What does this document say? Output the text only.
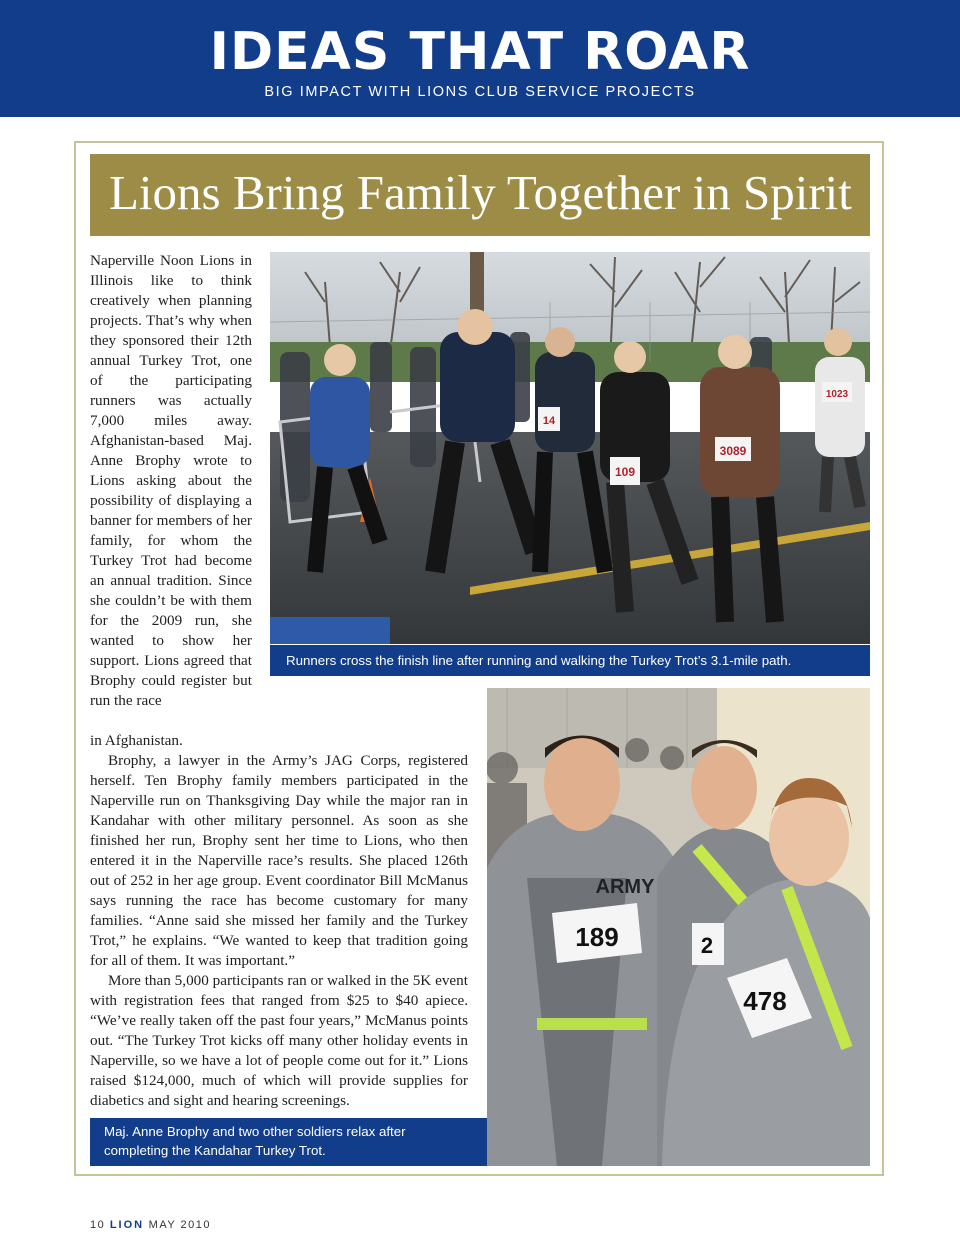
IDEAS THAT ROAR
BIG IMPACT WITH LIONS CLUB SERVICE PROJECTS
Lions Bring Family Together in Spirit

Naperville Noon Lions in Illinois like to think creatively when planning projects. That’s why when they sponsored their 12th annual Turkey Trot, one of the participating runners was actually 7,000 miles away. Afghanistan-based Maj. Anne Brophy wrote to Lions asking about the possibility of displaying a banner for members of her family, for whom the Turkey Trot had become an annual tradition. Since she couldn’t be with them for the 2009 run, she wanted to show her support. Lions agreed that Brophy could register but run the race

in Afghanistan.

Brophy, a lawyer in the Army’s JAG Corps, registered herself. Ten Brophy family members participated in the Naperville run on Thanksgiving Day while the major ran in Kandahar with other military personnel. As soon as she finished her run, Brophy sent her time to Lions, who then entered it in the Naperville race’s results. She placed 126th out of 252 in her age group. Event coordinator Bill McManus says running the race has become customary for many families. “Anne said she missed her family and the Turkey Trot,” he explains. “We wanted to keep that tradition going for all of them. It was important.”

More than 5,000 participants ran or walked in the 5K event with registration fees that ranged from $25 to $40 apiece. “We’ve really taken off the past four years,” McManus points out. “The Turkey Trot kicks off many other holiday events in Naperville, so we have a lot of people come out for it.” Lions raised $124,000, much of which will provide supplies for diabetics and sight and hearing screenings.

3089
109
1023
14
Runners cross the finish line after running and walking the Turkey Trot’s 3.1-mile path.
189
478
2
ARMY
Maj. Anne Brophy and two other soldiers relax after completing the Kandahar Turkey Trot.
10 LION MAY 2010
